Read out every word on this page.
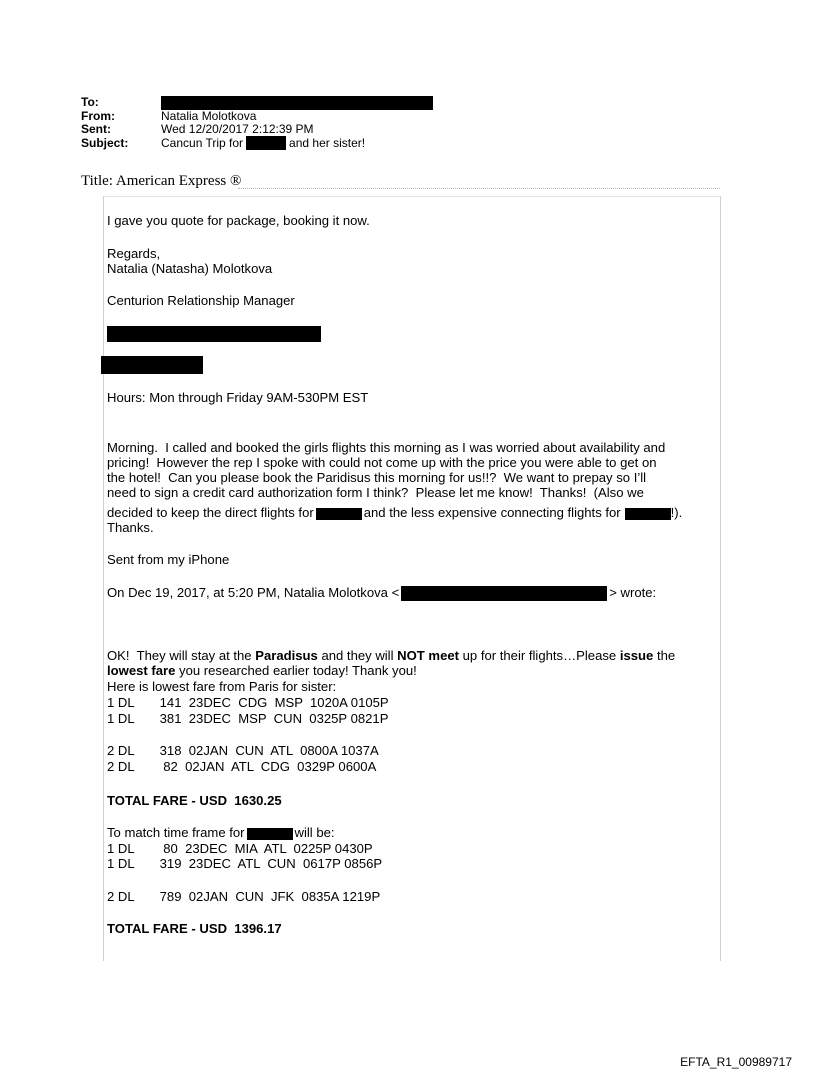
To:
From:	Natalia Molotkova
Sent:	Wed 12/20/2017 2:12:39 PM
Subject:	Cancun Trip for	and her sister!
Title: American Express ®
I gave you quote for package, booking it now.
Regards,
Natalia (Natasha) Molotkova
Centurion Relationship Manager
Hours: Mon through Friday 9AM-530PM EST
Morning.  I called and booked the girls flights this morning as I was worried about availability and
pricing!  However the rep I spoke with could not come up with the price you were able to get on
the hotel!  Can you please book the Paridisus this morning for us!!?  We want to prepay so I’ll
need to sign a credit card authorization form I think?  Please let me know!  Thanks!  (Also we
decided to keep the direct flights for	and the less expensive connecting flights for	!).
Thanks.
Sent from my iPhone
On Dec 19, 2017, at 5:20 PM, Natalia Molotkova <	> wrote:
OK!  They will stay at the Paradisus and they will NOT meet up for their flights…Please issue the
lowest fare you researched earlier today! Thank you!
Here is lowest fare from Paris for sister:
1 DL       141  23DEC  CDG  MSP  1020A 0105P
1 DL       381  23DEC  MSP  CUN  0325P 0821P
2 DL       318  02JAN  CUN  ATL  0800A 1037A
2 DL        82  02JAN  ATL  CDG  0329P 0600A
TOTAL FARE - USD  1630.25
To match time frame for	will be:
1 DL        80  23DEC  MIA  ATL  0225P 0430P
1 DL       319  23DEC  ATL  CUN  0617P 0856P
2 DL       789  02JAN  CUN  JFK  0835A 1219P
TOTAL FARE - USD  1396.17
EFTA_R1_00989717
